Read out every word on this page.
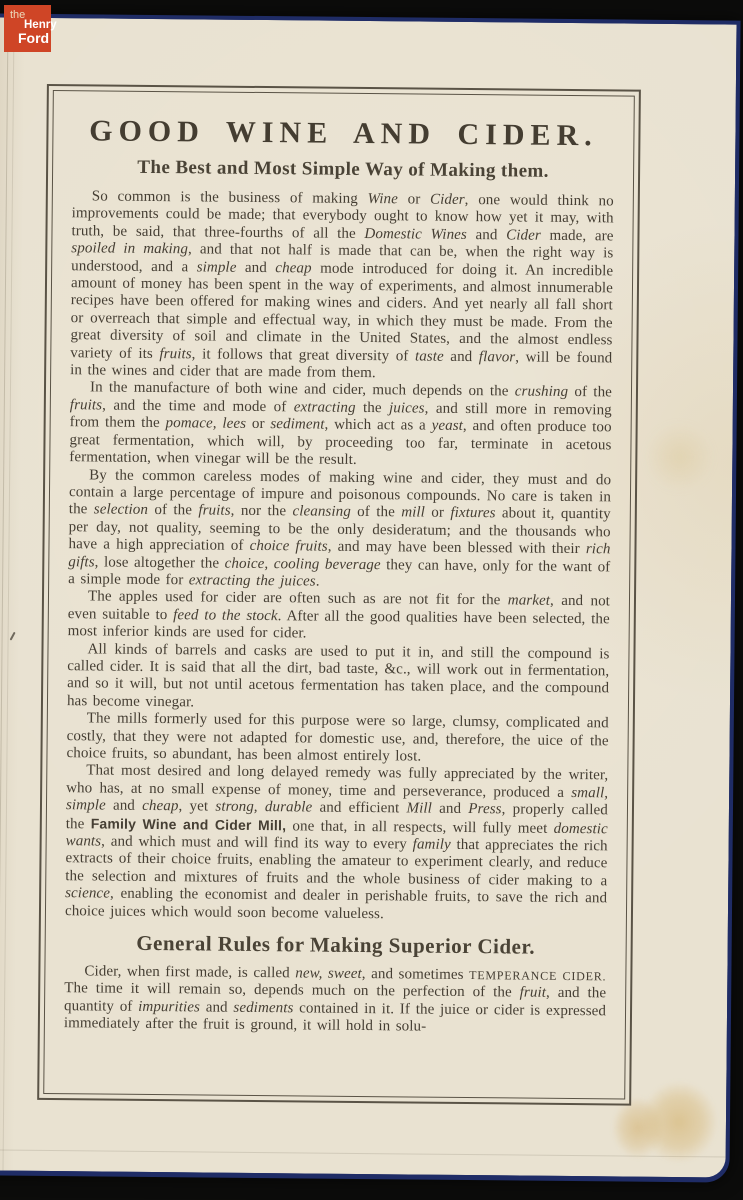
GOOD WINE AND CIDER.
The Best and Most Simple Way of Making them.

So common is the business of making Wine or Cider, one would think no improvements could be made; that everybody ought to know how yet it may, with truth, be said, that three-fourths of all the Domestic Wines and Cider made, are spoiled in making, and that not half is made that can be, when the right way is understood, and a simple and cheap mode introduced for doing it. An incredible amount of money has been spent in the way of experiments, and almost innumerable recipes have been offered for making wines and ciders. And yet nearly all fall short or overreach that simple and effectual way, in which they must be made. From the great diversity of soil and climate in the United States, and the almost endless variety of its fruits, it follows that great diversity of taste and flavor, will be found in the wines and cider that are made from them.

In the manufacture of both wine and cider, much depends on the crushing of the fruits, and the time and mode of extracting the juices, and still more in removing from them the pomace, lees or sediment, which act as a yeast, and often produce too great fermentation, which will, by proceeding too far, terminate in acetous fermentation, when vinegar will be the result.

By the common careless modes of making wine and cider, they must and do contain a large percentage of impure and poisonous compounds. No care is taken in the selection of the fruits, nor the cleansing of the mill or fixtures about it, quantity per day, not quality, seeming to be the only desideratum; and the thousands who have a high appreciation of choice fruits, and may have been blessed with their rich gifts, lose altogether the choice, cooling beverage they can have, only for the want of a simple mode for extracting the juices.

The apples used for cider are often such as are not fit for the market, and not even suitable to feed to the stock. After all the good qualities have been selected, the most inferior kinds are used for cider.

All kinds of barrels and casks are used to put it in, and still the compound is called cider. It is said that all the dirt, bad taste, &c., will work out in fermentation, and so it will, but not until acetous fermentation has taken place, and the compound has become vinegar.

The mills formerly used for this purpose were so large, clumsy, complicated and costly, that they were not adapted for domestic use, and, therefore, the uice of the choice fruits, so abundant, has been almost entirely lost.

That most desired and long delayed remedy was fully appreciated by the writer, who has, at no small expense of money, time and perseverance, produced a small, simple and cheap, yet strong, durable and efficient Mill and Press, properly called the Family Wine and Cider Mill, one that, in all respects, will fully meet domestic wants, and which must and will find its way to every family that appreciates the rich extracts of their choice fruits, enabling the amateur to experiment clearly, and reduce the selection and mixtures of fruits and the whole business of cider making to a science, enabling the economist and dealer in perishable fruits, to save the rich and choice juices which would soon become valueless.

General Rules for Making Superior Cider.

Cider, when first made, is called new, sweet, and sometimes TEMPERANCE CIDER. The time it will remain so, depends much on the perfection of the fruit, and the quantity of impurities and sediments contained in it. If the juice or cider is expressed immediately after the fruit is ground, it will hold in solu-

the
Henry
Ford
